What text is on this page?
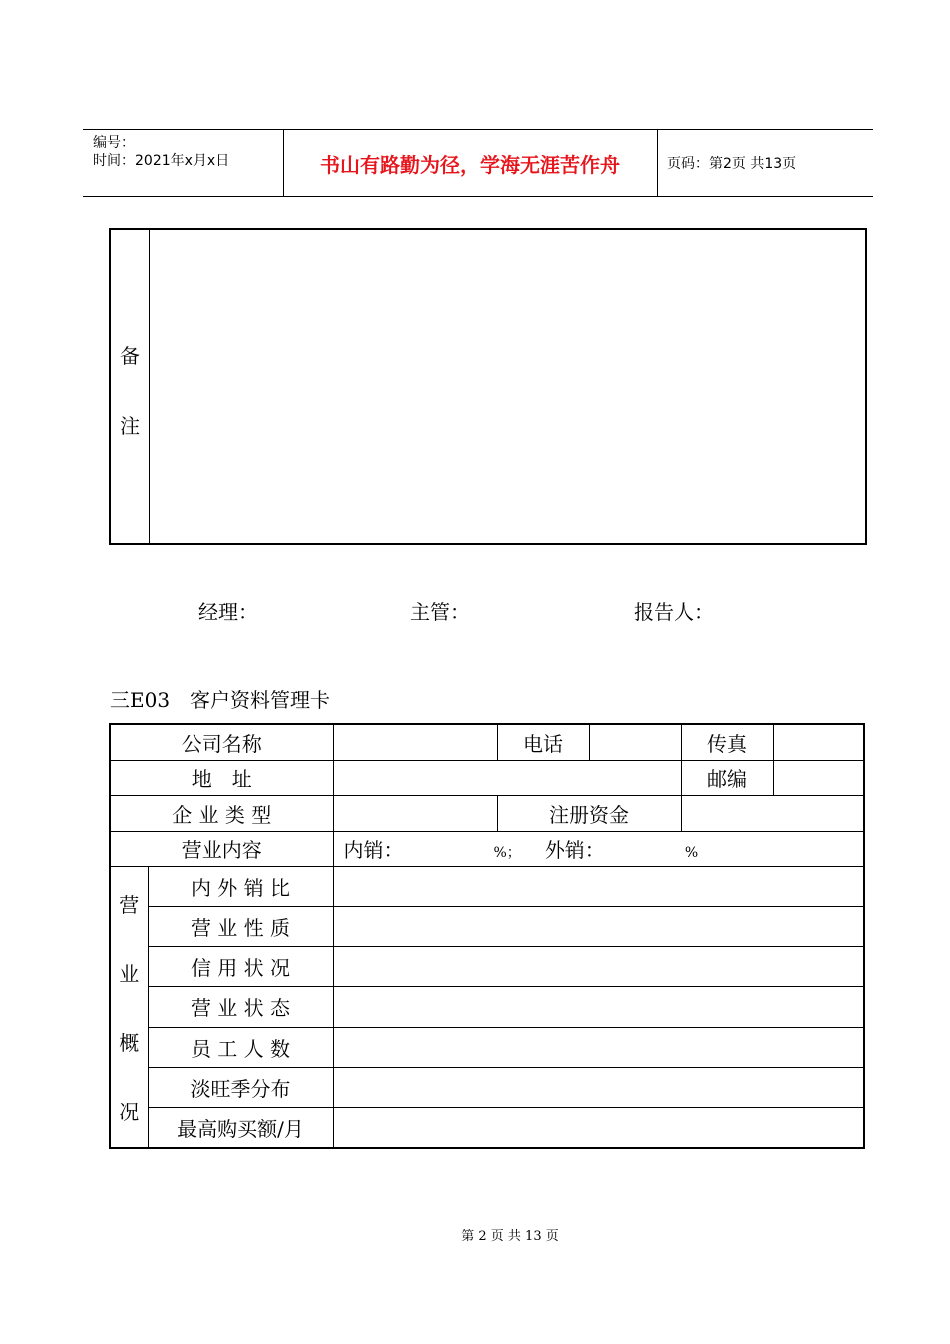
编号：
时间：2021年x月x日	书山有路勤为径，学海无涯苦作舟	页码：第2页 共13页
备
注
经理：	主管：	报告人：
三E03　客户资料管理卡
公司名称			电话		传真	
地　址					邮编	
企 业 类 型			注册资金			
营业内容		内销： %； 外销： %				
营
业
概
况	内 外 销 比					
	营 业 性 质					
	信 用 状 况					
	营 业 状 态					
	员 工 人 数					
	淡旺季分布					
	最高购买额/月					
第 2 页 共 13 页
